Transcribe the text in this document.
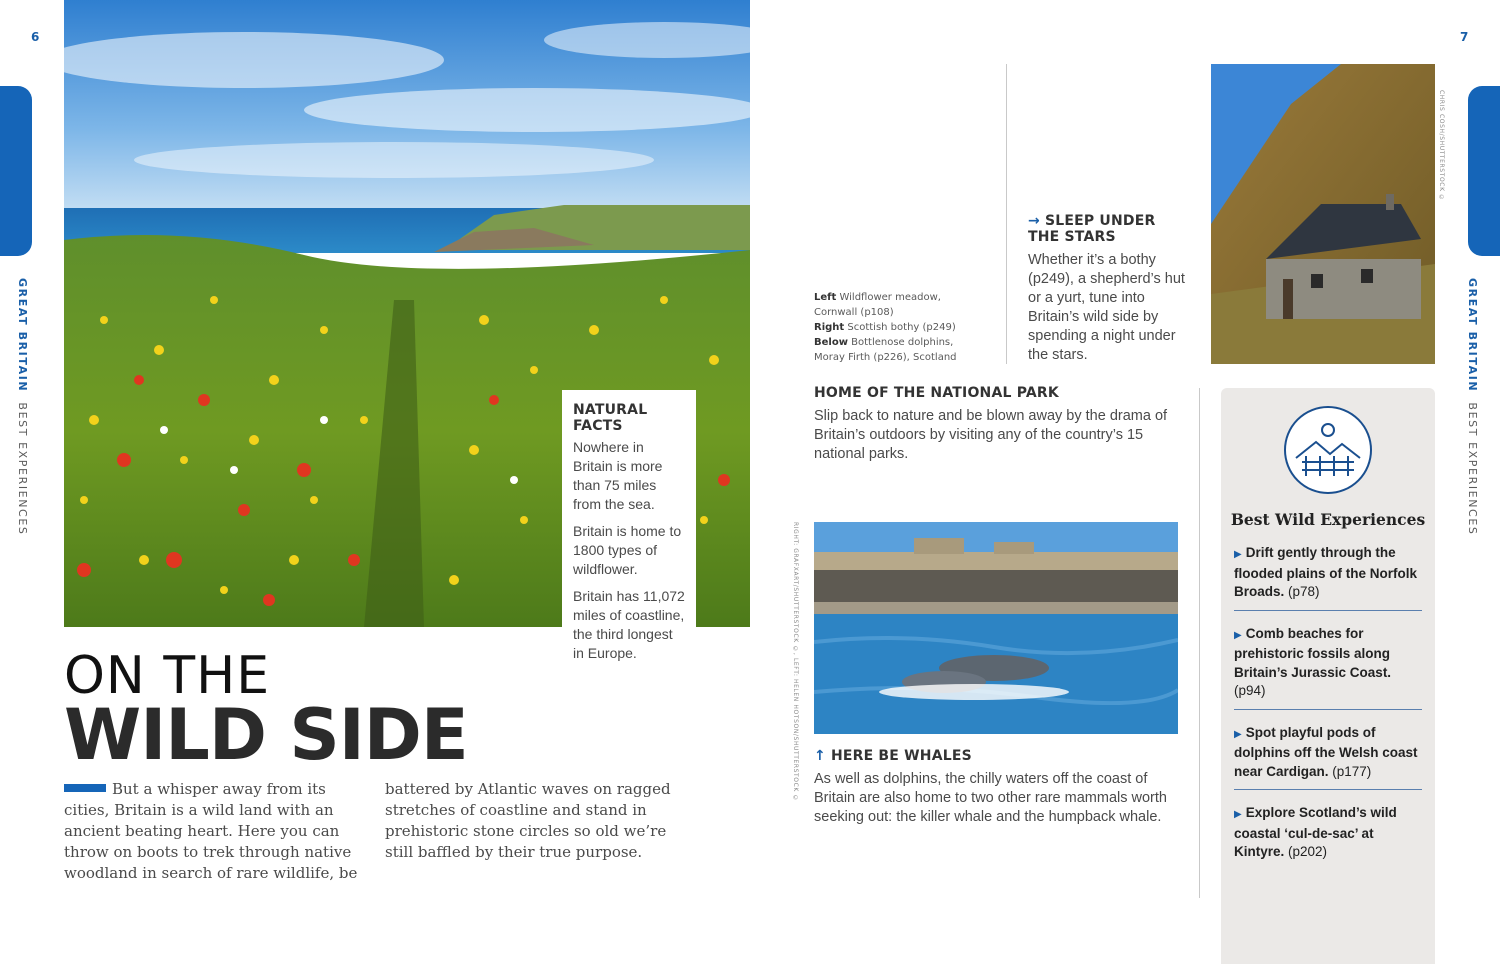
6
GREAT BRITAIN  BEST EXPERIENCES	NATURAL FACTS
Nowhere in Britain is more than 75 miles from the sea.
Britain is home to 1800 types of wildflower.
Britain has 11,072 miles of coastline, the third longest in Europe.
ON THE
WILD SIDE
But a whisper away from its cities, Britain is a wild land with an ancient beating heart. Here you can throw on boots to trek through native woodland in search of rare wildlife, be
battered by Atlantic waves on ragged stretches of coastline and stand in prehistoric stone circles so old we’re still baffled by their true purpose.
7
GREAT BRITAIN  BEST EXPERIENCES
Left Wildflower meadow, Cornwall (p108)
Right Scottish bothy (p249)
Below Bottlenose dolphins, Moray Firth (p226), Scotland
→ SLEEP UNDER
THE STARS
Whether it’s a bothy (p249), a shepherd’s hut or a yurt, tune into Britain’s wild side by spending a night under the stars.
CHRIS COSH/SHUTTERSTOCK ©
HOME OF THE NATIONAL PARK
Slip back to nature and be blown away by the drama of Britain’s outdoors by visiting any of the country’s 15 national parks.
RIGHT: GRAFXART/SHUTTERSTOCK ©, LEFT: HELEN HOTSON/SHUTTERSTOCK © ↑ HERE BE WHALES
As well as dolphins, the chilly waters off the coast of Britain are also home to two other rare mammals worth seeking out: the killer whale and the humpback whale.
Best Wild Experiences
▶ Drift gently through the flooded plains of the Norfolk Broads. (p78)
▶ Comb beaches for prehistoric fossils along Britain’s Jurassic Coast. (p94)
▶ Spot playful pods of dolphins off the Welsh coast near Cardigan. (p177)
▶ Explore Scotland’s wild coastal ‘cul-de-sac’ at Kintyre. (p202)
